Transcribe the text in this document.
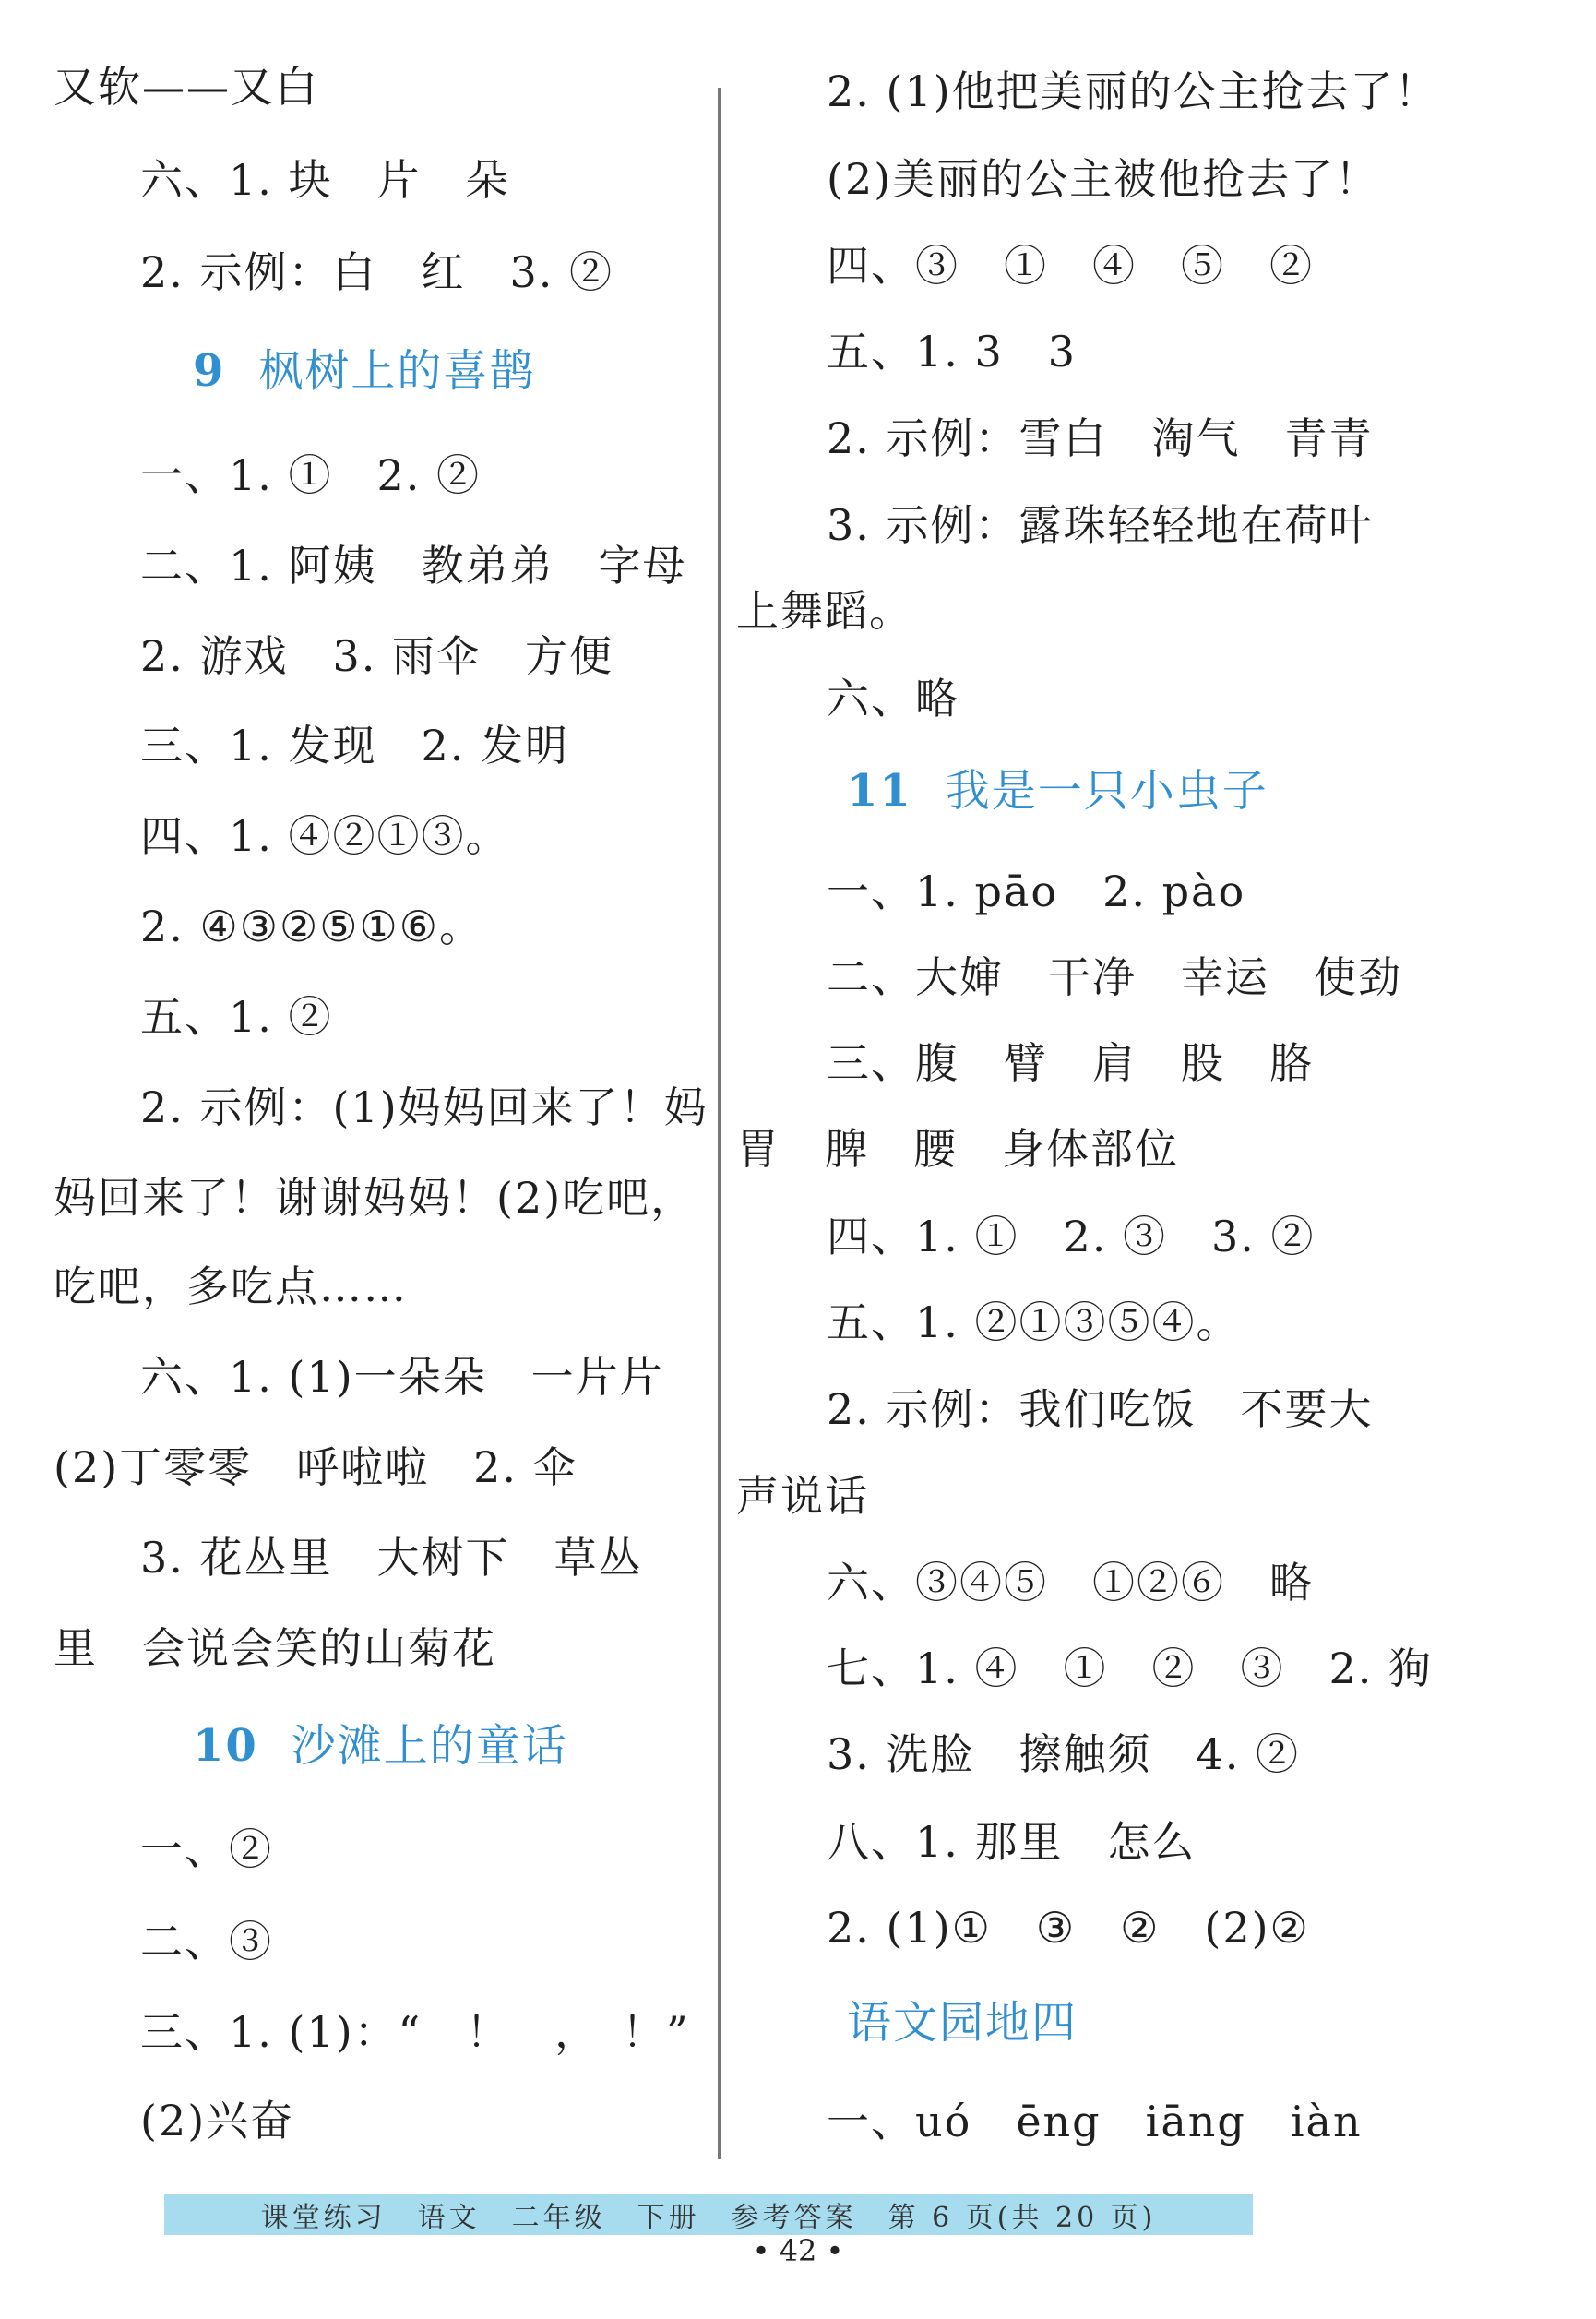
又软——又白
六、1. 块　片　朵
2. 示例：白　红　3. ②
9 枫树上的喜鹊
一、1. ①　2. ②
二、1. 阿姨　教弟弟　字母
2. 游戏　3. 雨伞　方便
三、1. 发现　2. 发明
四、1. ④②①③。
2. ④③②⑤①⑥。
五、1. ②
2. 示例：(1)妈妈回来了！妈
妈回来了！谢谢妈妈！(2)吃吧，
吃吧，多吃点……
六、1. (1)一朵朵　一片片
(2)丁零零　呼啦啦　2. 伞
3. 花丛里　大树下　草丛
里　会说会笑的山菊花
10 沙滩上的童话
一、②
二、③
三、1. (1)：“　！　，　！”
(2)兴奋
2. (1)他把美丽的公主抢去了！
(2)美丽的公主被他抢去了！
四、③　①　④　⑤　②
五、1. 3　3
2. 示例：雪白　淘气　青青
3. 示例：露珠轻轻地在荷叶
上舞蹈。
六、略
11 我是一只小虫子
一、1. pāo　2. pào
二、大婶　干净　幸运　使劲
三、腹　臂　肩　股　胳
胃　脾　腰　身体部位
四、1. ①　2. ③　3. ②
五、1. ②①③⑤④。
2. 示例：我们吃饭　不要大
声说话
六、③④⑤　①②⑥　略
七、1. ④　①　②　③　2. 狗
3. 洗脸　擦触须　4. ②
八、1. 那里　怎么
2. (1)①　③　②　(2)②
语文园地四
一、uó　ēng　iāng　iàn
课堂练习　语文　二年级　下册　参考答案　第 6 页(共 20 页)
• 42 •
